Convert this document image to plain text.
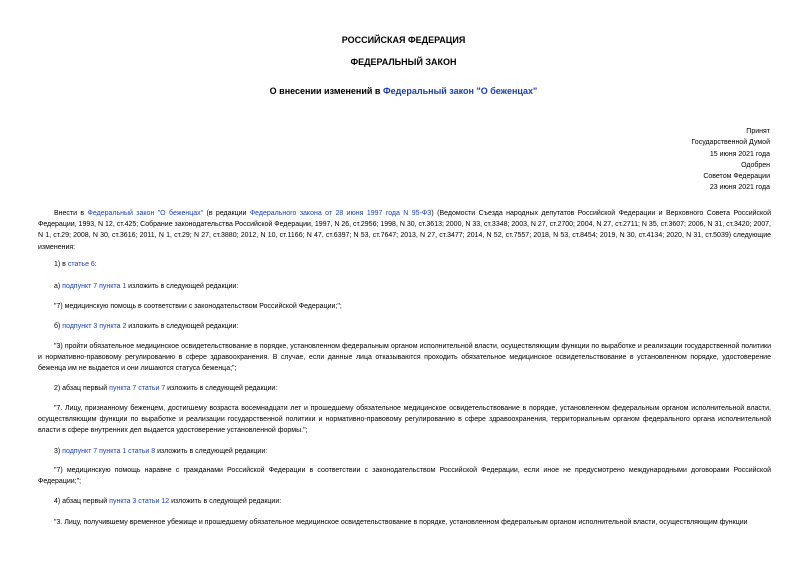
РОССИЙСКАЯ ФЕДЕРАЦИЯ
ФЕДЕРАЛЬНЫЙ ЗАКОН
О внесении изменений в Федеральный закон "О беженцах"
Принят
Государственной Думой
15 июня 2021 года
Одобрен
Советом Федерации
23 июня 2021 года
Внести в Федеральный закон "О беженцах" (в редакции Федерального закона от 28 июня 1997 года N 95-ФЗ) (Ведомости Съезда народных депутатов Российской Федерации и Верховного Совета Российской Федерации, 1993, N 12, ст.425; Собрание законодательства Российской Федерации, 1997, N 26, ст.2956; 1998, N 30, ст.3613; 2000, N 33, ст.3348; 2003, N 27, ст.2700; 2004, N 27, ст.2711; N 35, ст.3607; 2006, N 31, ст.3420; 2007, N 1, ст.29; 2008, N 30, ст.3616; 2011, N 1, ст.29; N 27, ст.3880; 2012, N 10, ст.1166; N 47, ст.6397; N 53, ст.7647; 2013, N 27, ст.3477; 2014, N 52, ст.7557; 2018, N 53, ст.8454; 2019, N 30, ст.4134; 2020, N 31, ст.5039) следующие изменения:
1) в статье 6:
а) подпункт 7 пункта 1 изложить в следующей редакции:
"7) медицинскую помощь в соответствии с законодательством Российской Федерации;";
б) подпункт 3 пункта 2 изложить в следующей редакции:
"3) пройти обязательное медицинское освидетельствование в порядке, установленном федеральным органом исполнительной власти, осуществляющим функции по выработке и реализации государственной политики и нормативно-правовому регулированию в сфере здравоохранения. В случае, если данные лица отказываются проходить обязательное медицинское освидетельствование в установленном порядке, удостоверение беженца им не выдается и они лишаются статуса беженца;";
2) абзац первый пункта 7 статьи 7 изложить в следующей редакции:
"7. Лицу, признанному беженцем, достигшему возраста восемнадцати лет и прошедшему обязательное медицинское освидетельствование в порядке, установленном федеральным органом исполнительной власти, осуществляющим функции по выработке и реализации государственной политики и нормативно-правовому регулированию в сфере здравоохранения, территориальным органом федерального органа исполнительной власти в сфере внутренних дел выдается удостоверение установленной формы.";
3) подпункт 7 пункта 1 статьи 8 изложить в следующей редакции:
"7) медицинскую помощь наравне с гражданами Российской Федерации в соответствии с законодательством Российской Федерации, если иное не предусмотрено международными договорами Российской Федерации;";
4) абзац первый пункта 3 статьи 12 изложить в следующей редакции:
"3. Лицу, получившему временное убежище и прошедшему обязательное медицинское освидетельствование в порядке, установленном федеральным органом исполнительной власти, осуществляющим функции
